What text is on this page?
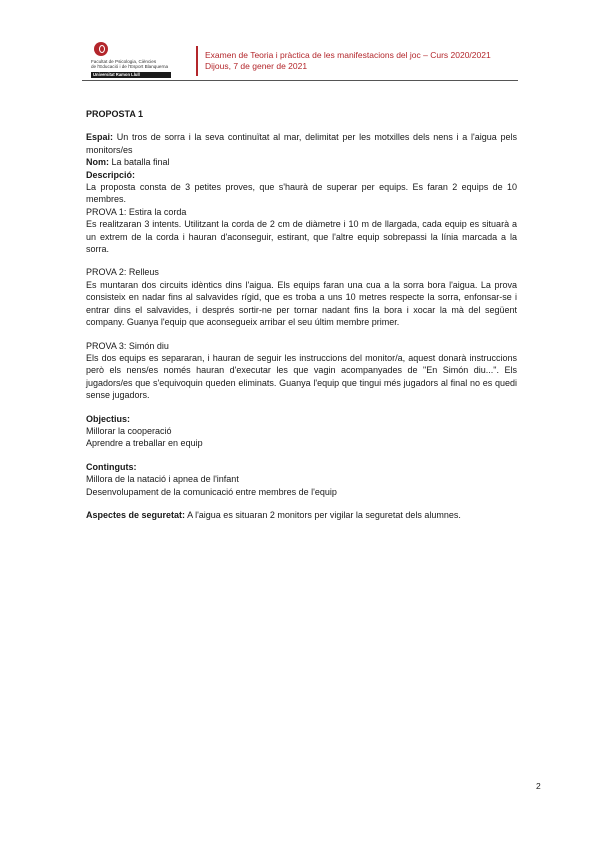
Facultat de Psicologia, Ciències
de l'Educació i de l'Esport Blanquerna
Universitat Ramon Llull
Examen de Teoria i pràctica de les manifestacions del joc – Curs 2020/2021
Dijous, 7 de gener de 2021

PROPOSTA 1

Espai: Un tros de sorra i la seva continuïtat al mar, delimitat per les motxilles dels nens i a l'aigua pels monitors/es

Nom: La batalla final

Descripció:

La proposta consta de 3 petites proves, que s'haurà de superar per equips. Es faran 2 equips de 10 membres.

PROVA 1: Estira la corda

Es realitzaran 3 intents. Utilitzant la corda de 2 cm de diàmetre i 10 m de llargada, cada equip es situarà a un extrem de la corda i hauran d'aconseguir, estirant, que l'altre equip sobrepassi la línia marcada a la sorra.

PROVA 2: Relleus

Es muntaran dos circuits idèntics dins l'aigua. Els equips faran una cua a la sorra bora l'aigua. La prova consisteix en nadar fins al salvavides rígid, que es troba a uns 10 metres respecte la sorra, enfonsar-se i entrar dins el salvavides, i després sortir-ne per tornar nadant fins la bora i xocar la mà del següent company. Guanya l'equip que aconsegueix arribar el seu últim membre primer.

PROVA 3: Simón diu

Els dos equips es separaran, i hauran de seguir les instruccions del monitor/a, aquest donarà instruccions però els nens/es només hauran d'executar les que vagin acompanyades de "En Simón diu...". Els jugadors/es que s'equivoquin queden eliminats. Guanya l'equip que tingui més jugadors al final no es quedi sense jugadors.

Objectius:

Millorar la cooperació

Aprendre a treballar en equip

Continguts:

Millora de la natació i apnea de l'infant

Desenvolupament de la comunicació entre membres de l'equip

Aspectes de seguretat: A l'aigua es situaran 2 monitors per vigilar la seguretat dels alumnes.

2
